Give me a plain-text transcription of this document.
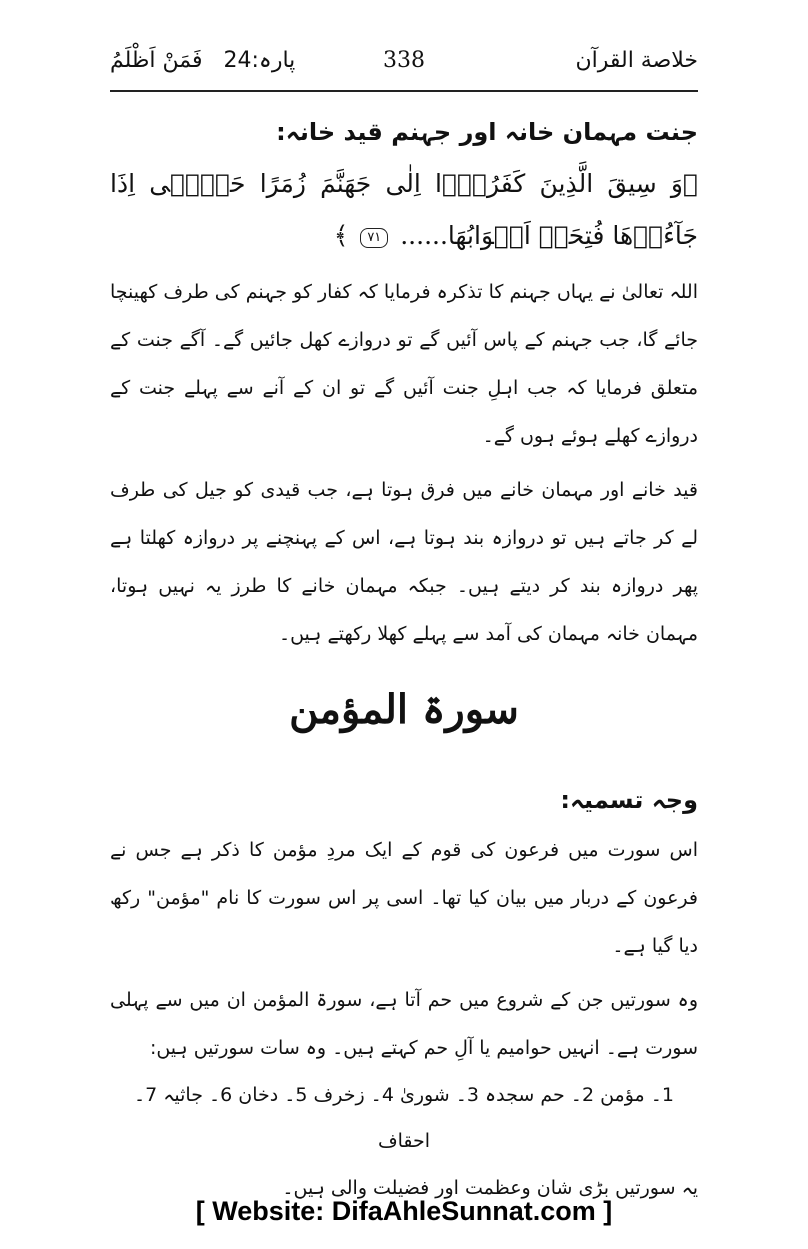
خلاصة القرآن
338
پارہ:24   فَمَنْ اَظْلَمُ
جنت مہمان خانہ اور جہنم قید خانہ:

﴿وَ سِیقَ الَّذِینَ کَفَرُوۡۤا اِلٰی جَھَنَّمَ زُمَرًا حَتّٰۤی اِذَا جَآءُوۡھَا فُتِحَتۡ اَبۡوَابُھَا...... ۷۱ ﴾

اللہ تعالیٰ نے یہاں جہنم کا تذکرہ فرمایا کہ کفار کو جہنم کی طرف کھینچا جائے گا، جب جہنم کے پاس آئیں گے تو دروازے کھل جائیں گے۔ آگے جنت کے متعلق فرمایا کہ جب اہلِ جنت آئیں گے تو ان کے آنے سے پہلے جنت کے دروازے کھلے ہوئے ہوں گے۔

قید خانے اور مہمان خانے میں فرق ہوتا ہے، جب قیدی کو جیل کی طرف لے کر جاتے ہیں تو دروازہ بند ہوتا ہے، اس کے پہنچنے پر دروازہ کھلتا ہے پھر دروازہ بند کر دیتے ہیں۔ جبکہ مہمان خانے کا طرز یہ نہیں ہوتا، مہمان خانہ مہمان کی آمد سے پہلے کھلا رکھتے ہیں۔

سورۃ المؤمن
وجہ تسمیہ:

اس سورت میں فرعون کی قوم کے ایک مردِ مؤمن کا ذکر ہے جس نے فرعون کے دربار میں بیان کیا تھا۔ اسی پر اس سورت کا نام "مؤمن" رکھ دیا گیا ہے۔

وہ سورتیں جن کے شروع میں حم آتا ہے، سورۃ المؤمن ان میں سے پہلی سورت ہے۔ انہیں حوامیم یا آلِ حم کہتے ہیں۔ وہ سات سورتیں ہیں:

1۔ مؤمن 2۔ حم سجدہ 3۔ شوریٰ 4۔ زخرف 5۔ دخان 6۔ جاثیہ 7۔ احقاف

یہ سورتیں بڑی شان وعظمت اور فضیلت والی ہیں۔

[ Website: DifaAhleSunnat.com ]
